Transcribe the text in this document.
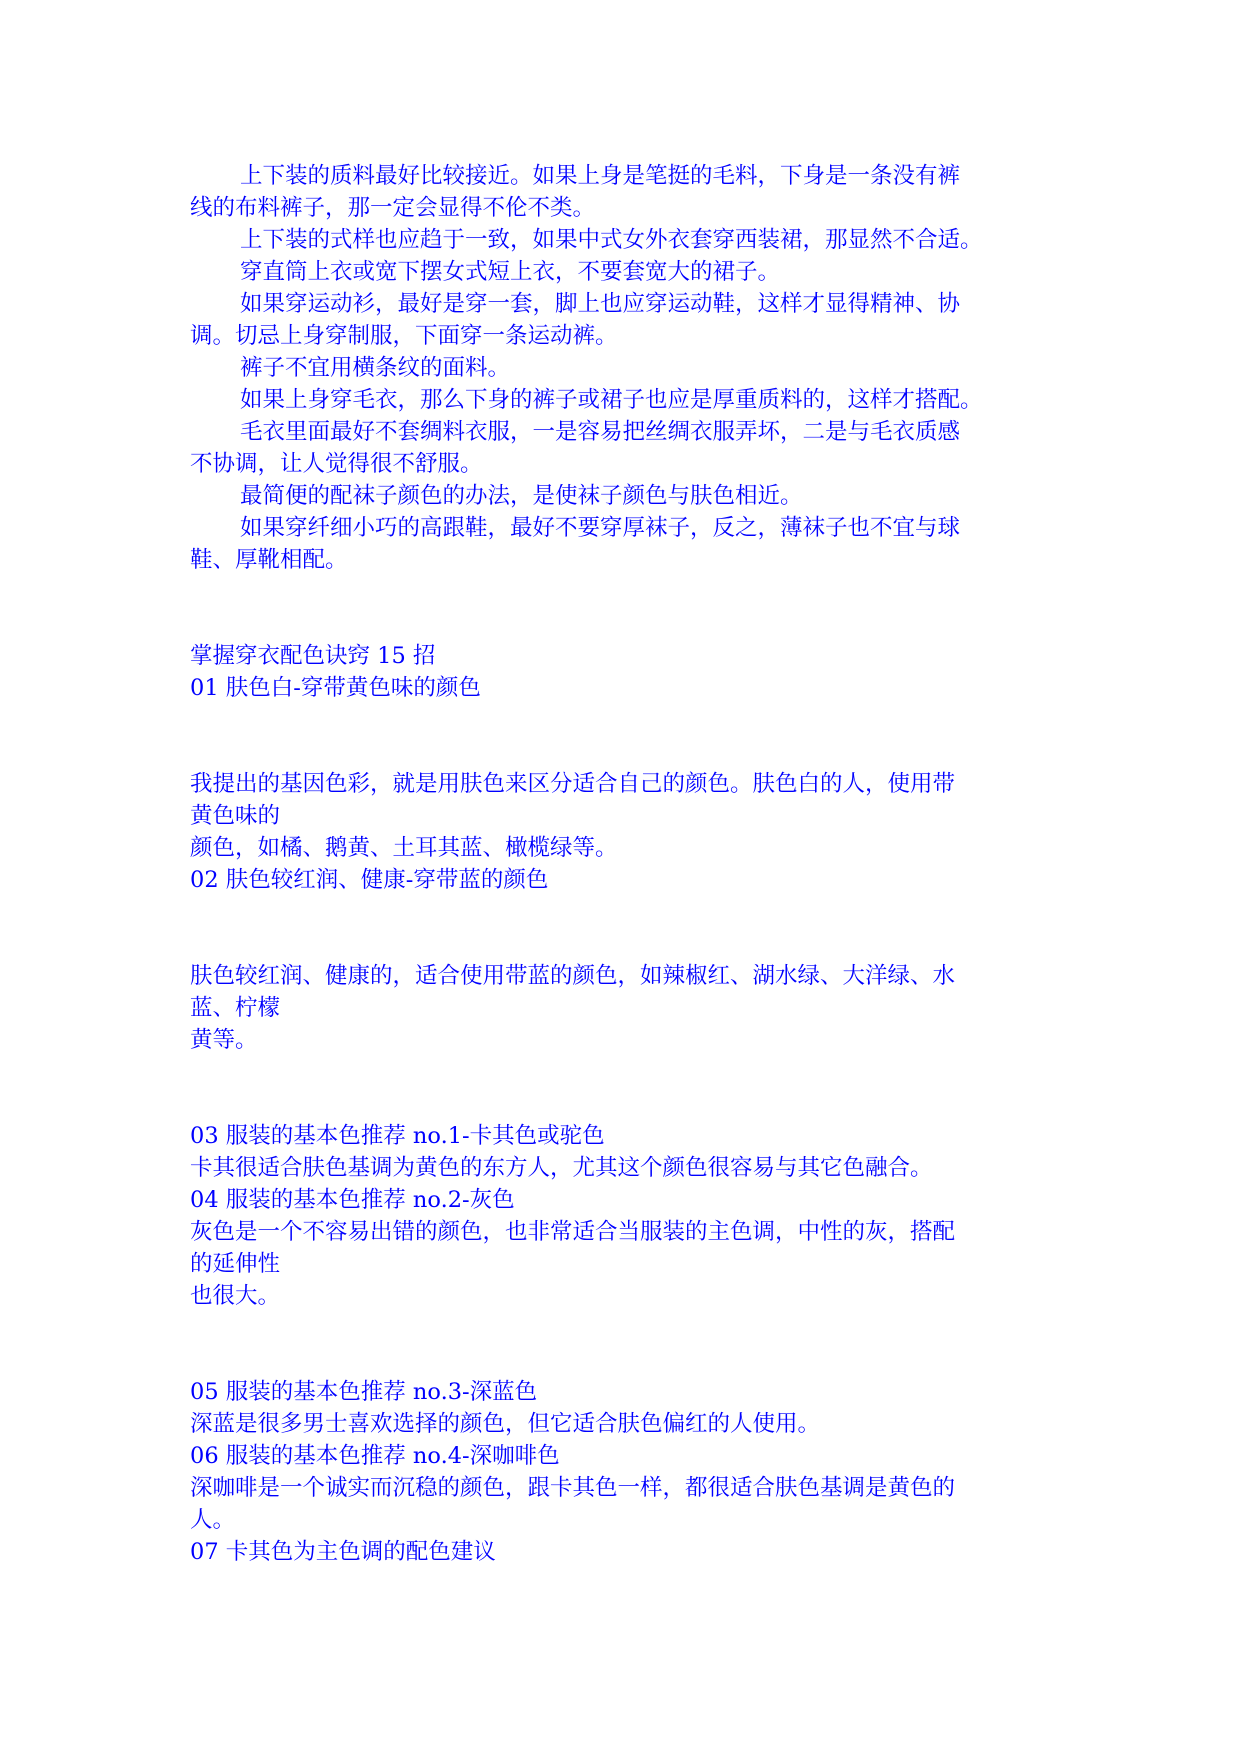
上下装的质料最好比较接近。如果上身是笔挺的毛料，下身是一条没有裤
线的布料裤子，那一定会显得不伦不类。
上下装的式样也应趋于一致，如果中式女外衣套穿西装裙，那显然不合适。
穿直筒上衣或宽下摆女式短上衣，不要套宽大的裙子。
如果穿运动衫，最好是穿一套，脚上也应穿运动鞋，这样才显得精神、协
调。切忌上身穿制服，下面穿一条运动裤。
裤子不宜用横条纹的面料。
如果上身穿毛衣，那么下身的裤子或裙子也应是厚重质料的，这样才搭配。
毛衣里面最好不套绸料衣服，一是容易把丝绸衣服弄坏，二是与毛衣质感
不协调，让人觉得很不舒服。
最简便的配袜子颜色的办法，是使袜子颜色与肤色相近。
如果穿纤细小巧的高跟鞋，最好不要穿厚袜子，反之，薄袜子也不宜与球
鞋、厚靴相配。
掌握穿衣配色诀窍 15 招
01 肤色白-穿带黄色味的颜色
我提出的基因色彩，就是用肤色来区分适合自己的颜色。肤色白的人，使用带
黄色味的
颜色，如橘、鹅黄、土耳其蓝、橄榄绿等。
02 肤色较红润、健康-穿带蓝的颜色
肤色较红润、健康的，适合使用带蓝的颜色，如辣椒红、湖水绿、大洋绿、水
蓝、柠檬
黄等。
03 服装的基本色推荐 no.1-卡其色或驼色
卡其很适合肤色基调为黄色的东方人，尤其这个颜色很容易与其它色融合。
04 服装的基本色推荐 no.2-灰色
灰色是一个不容易出错的颜色，也非常适合当服装的主色调，中性的灰，搭配
的延伸性
也很大。
05 服装的基本色推荐 no.3-深蓝色
深蓝是很多男士喜欢选择的颜色，但它适合肤色偏红的人使用。
06 服装的基本色推荐 no.4-深咖啡色
深咖啡是一个诚实而沉稳的颜色，跟卡其色一样，都很适合肤色基调是黄色的
人。
07 卡其色为主色调的配色建议
